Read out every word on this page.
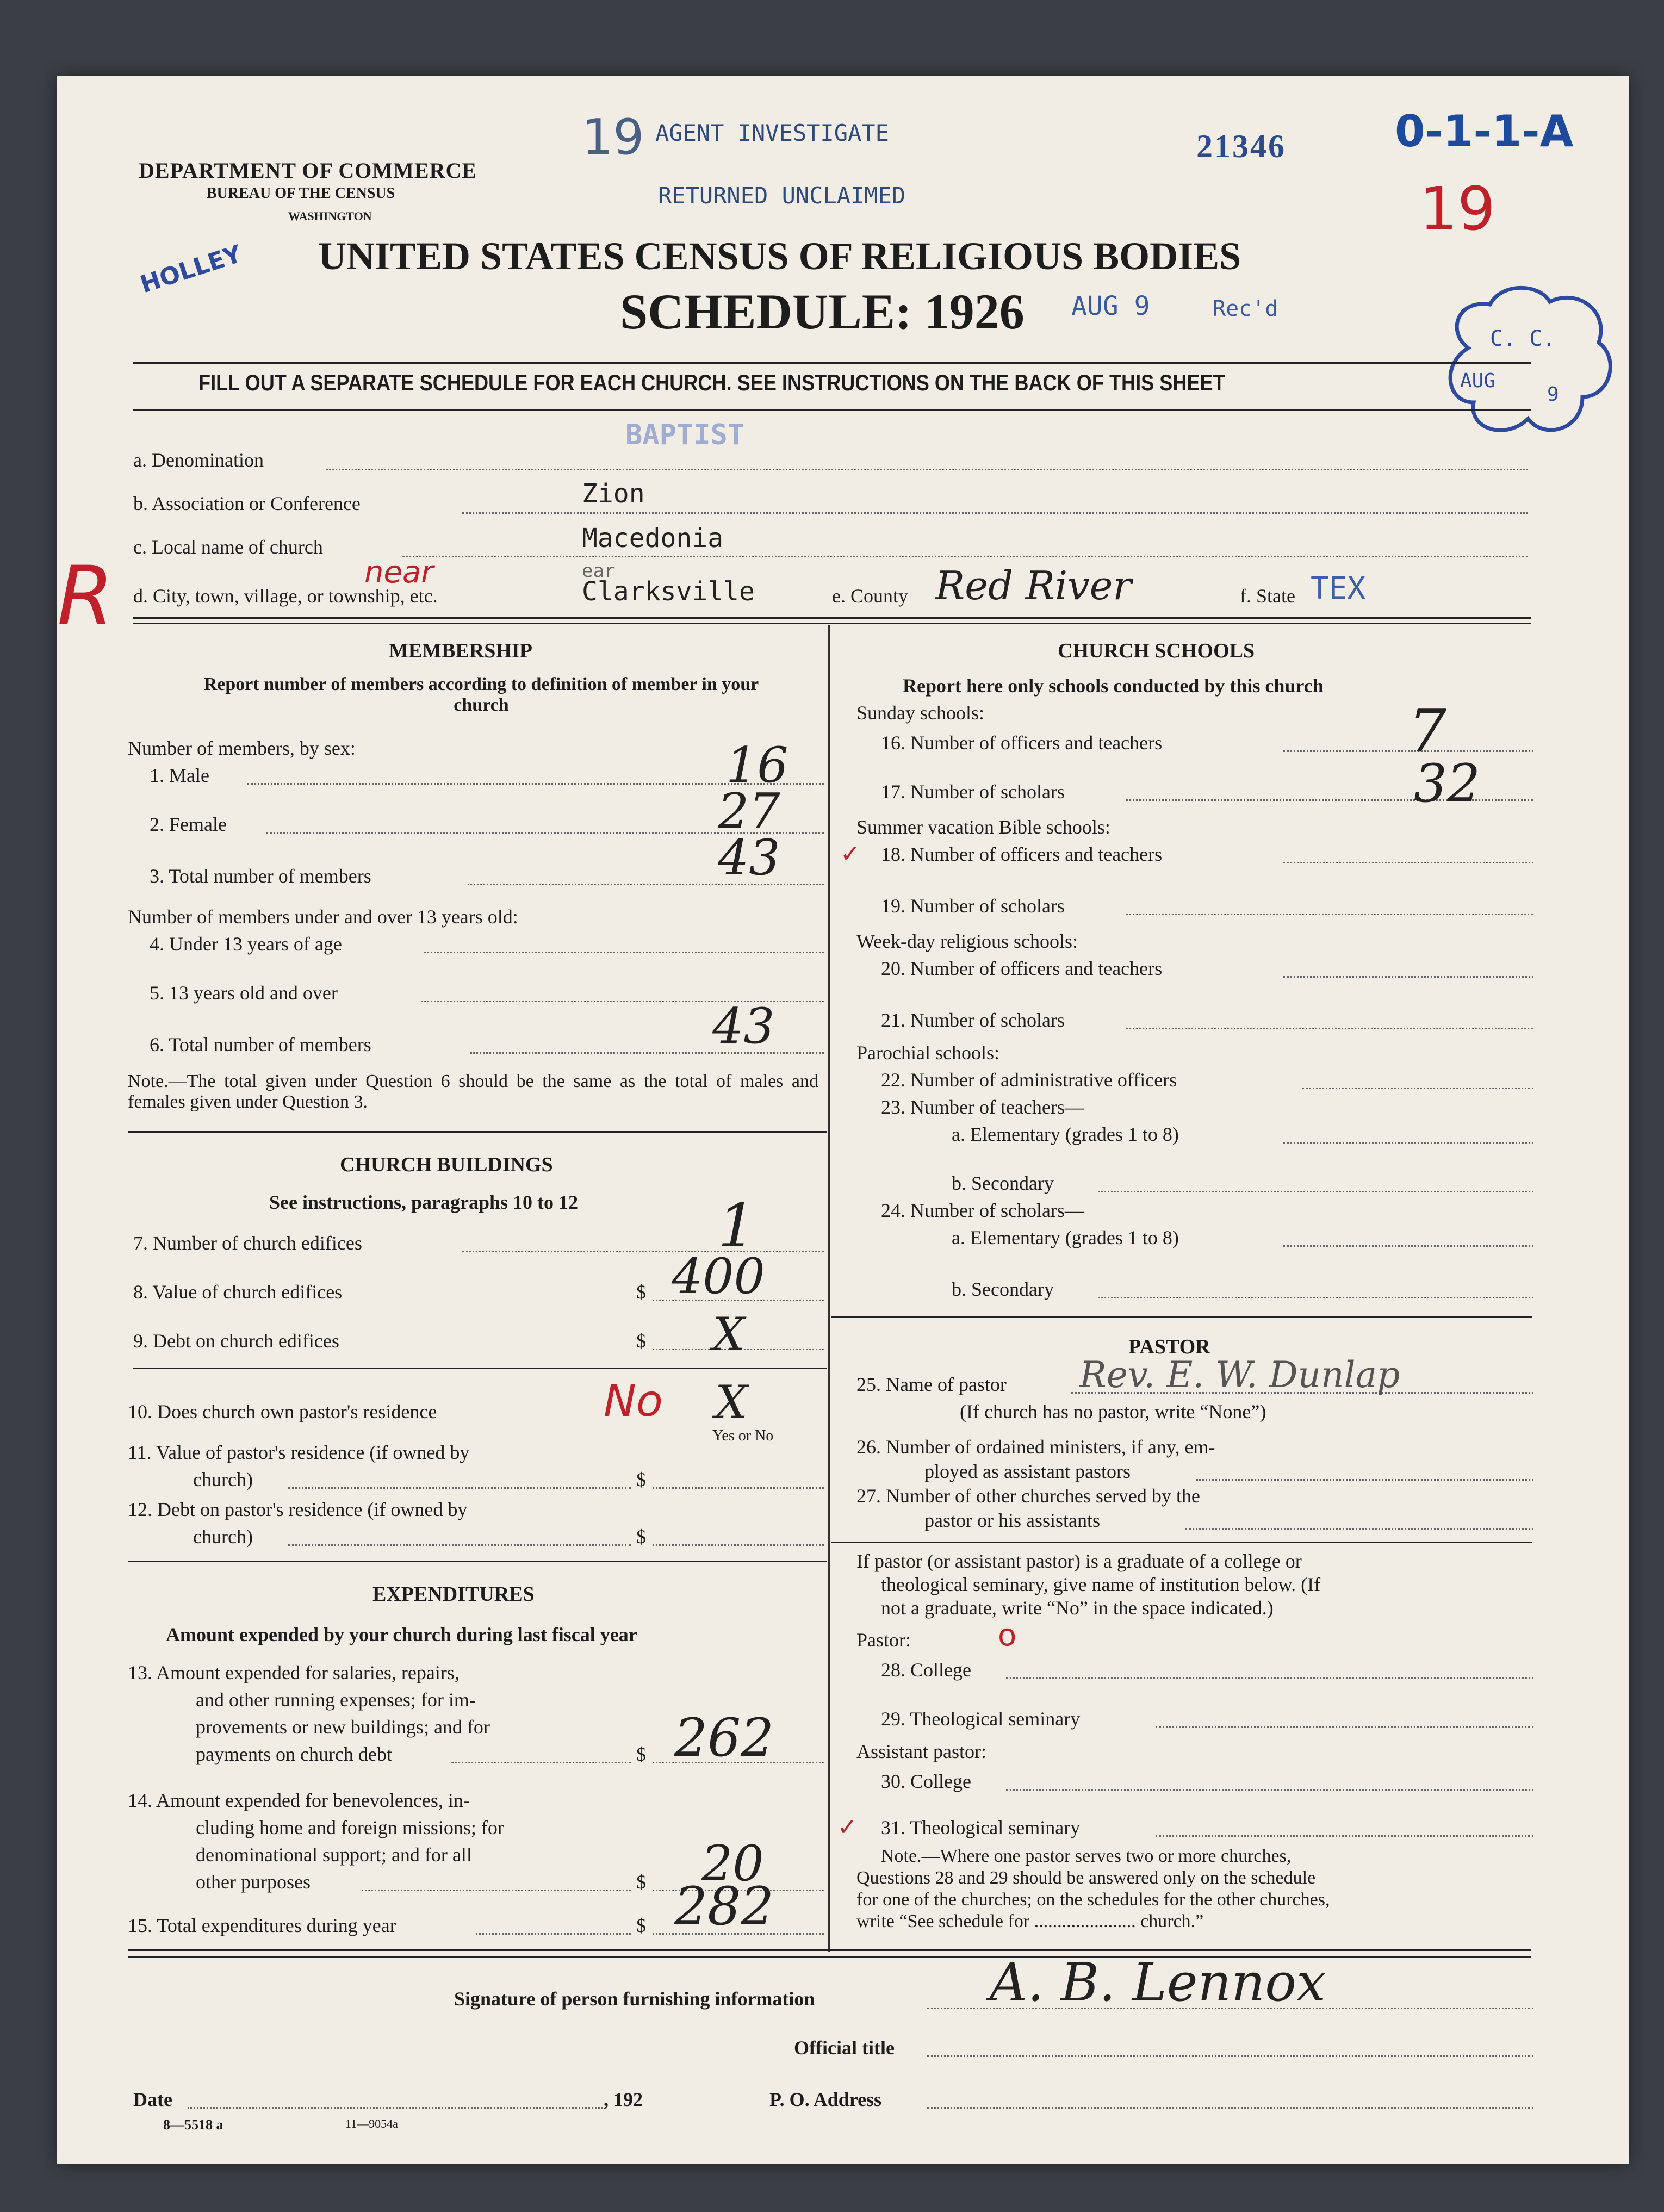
19 AGENT INVESTIGATE
RETURNED UNCLAIMED
21346	0-1-1-A
19
DEPARTMENT OF COMMERCE
BUREAU OF THE CENSUS
WASHINGTON
HOLLEY UNITED STATES CENSUS OF RELIGIOUS BODIES
SCHEDULE: 1926 AUG 9	Rec'd
C. C.
AUG
9
FILL OUT A SEPARATE SCHEDULE FOR EACH CHURCH. SEE INSTRUCTIONS ON THE BACK OF THIS SHEET
BAPTIST
a. Denomination
b. Association or Conference	Zion
c. Local name of church	Macedonia
R d. City, town, village, or township, etc.
near	ear
Clarksville	e. County Red River	f. State TEX
MEMBERSHIP
Report number of members according to definition of member in your church
Number of members, by sex:
1. Male	16
2. Female	27
3. Total number of members	43
Number of members under and over 13 years old:
4. Under 13 years of age
5. 13 years old and over
6. Total number of members	43
Note.—The total given under Question 6 should be the same as the total of males and females given under Question 3.
CHURCH BUILDINGS
See instructions, paragraphs 10 to 12
7. Number of church edifices	1
8. Value of church edifices	$ 400
9. Debt on church edifices	$ X
10. Does church own pastor's residence	No X
Yes or No
11. Value of pastor's residence (if owned by
church)	$
12. Debt on pastor's residence (if owned by
church)	$
EXPENDITURES
Amount expended by your church during last fiscal year
13. Amount expended for salaries, repairs,
and other running expenses; for im-
provements or new buildings; and for
payments on church debt	$ 262
14. Amount expended for benevolences, in-
cluding home and foreign missions; for
denominational support; and for all
other purposes	$ 20
15. Total expenditures during year	$ 282
CHURCH SCHOOLS
Report here only schools conducted by this church
Sunday schools:
16. Number of officers and teachers	7
17. Number of scholars	32
Summer vacation Bible schools:
✓ 18. Number of officers and teachers
19. Number of scholars
Week-day religious schools:
20. Number of officers and teachers
21. Number of scholars
Parochial schools:
22. Number of administrative officers
23. Number of teachers—
a. Elementary (grades 1 to 8)
b. Secondary
24. Number of scholars—
a. Elementary (grades 1 to 8)
b. Secondary
PASTOR
25. Name of pastor Rev. E. W. Dunlap
(If church has no pastor, write “None”)
26. Number of ordained ministers, if any, em-
ployed as assistant pastors
27. Number of other churches served by the
pastor or his assistants
If pastor (or assistant pastor) is a graduate of a college or
theological seminary, give name of institution below. (If
not a graduate, write “No” in the space indicated.)
Pastor:	o
28. College
29. Theological seminary
Assistant pastor:
30. College
✓ 31. Theological seminary
Note.—Where one pastor serves two or more churches,
Questions 28 and 29 should be answered only on the schedule
for one of the churches; on the schedules for the other churches,
write “See schedule for ...................... church.”
Signature of person furnishing information	A. B. Lennox
Official title
Date	, 192	P. O. Address
8—5518 a	11—9054a
